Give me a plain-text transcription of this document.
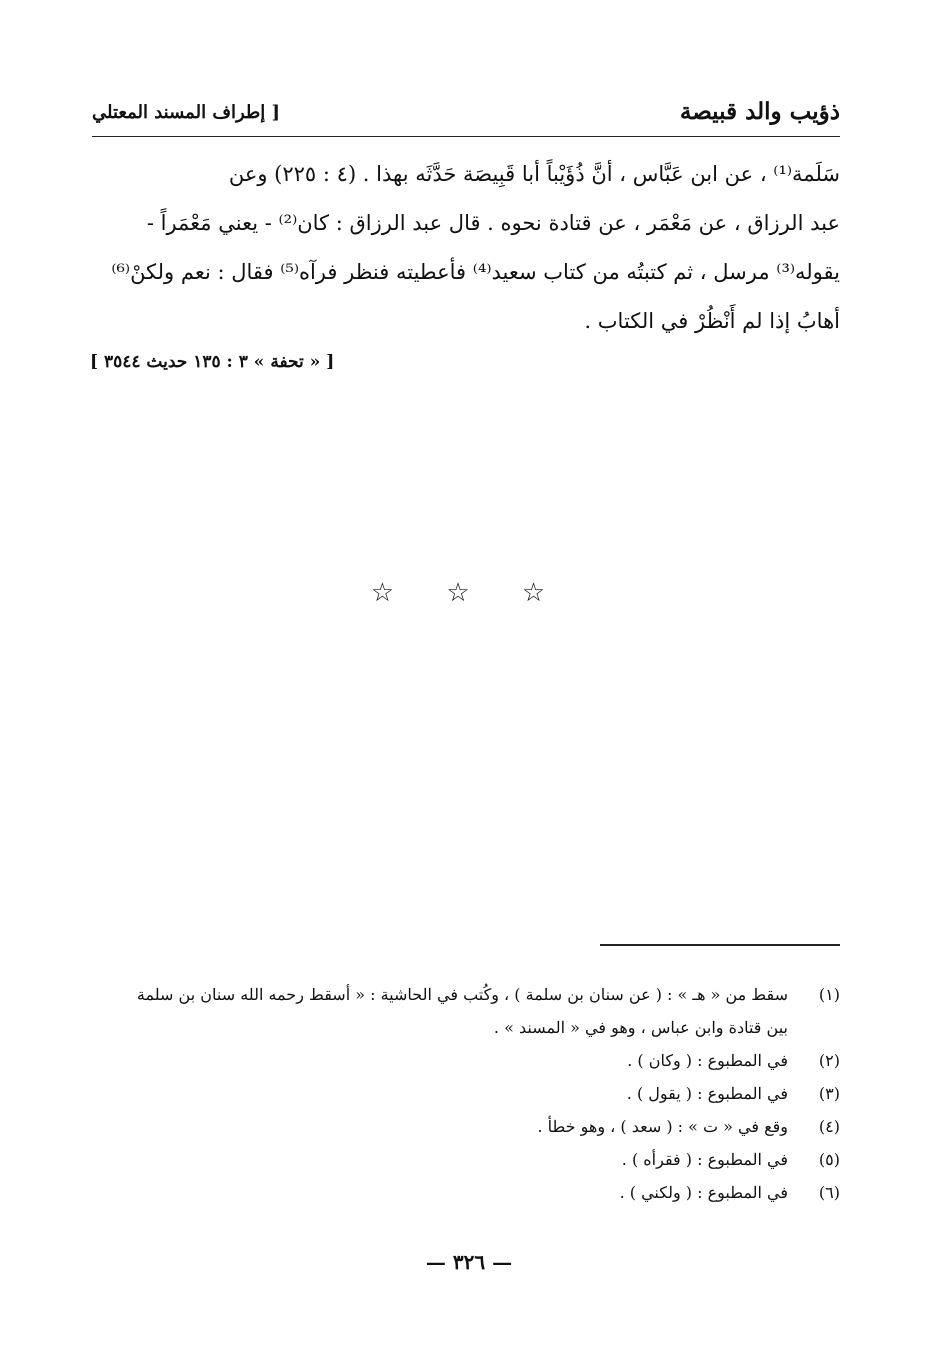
ذؤيب والد قبيصة
[ إطراف المسند المعتلي
سَلَمة⁽¹⁾ ، عن ابن عَبَّاس ، أنَّ ذُؤَيْباً أبا قَبِيصَة حَدَّثَه بهذا . (٤ : ٢٢٥) وعن
عبد الرزاق ، عن مَعْمَر ، عن قتادة نحوه . قال عبد الرزاق : كان⁽²⁾ - يعني مَعْمَراً -
يقوله⁽³⁾ مرسل ، ثم كتبتُه من كتاب سعيد⁽⁴⁾ فأعطيته فنظر فرآه⁽⁵⁾ فقال : نعم ولكنْ⁽⁶⁾
أهابُ إذا لم أَنْظُرْ في الكتاب .
[ « تحفة » ٣ : ١٣٥ حديث ٣٥٤٤ ]
☆ ☆ ☆
(١)
سقط من « هـ » : ( عن سنان بن سلمة ) ، وكُتب في الحاشية : « أسقط رحمه الله سنان بن سلمة
بين قتادة وابن عباس ، وهو في « المسند » .
(٢)
في المطبوع : ( وكان ) .
(٣)
في المطبوع : ( يقول ) .
(٤)
وقع في « ت » : ( سعد ) ، وهو خطأ .
(٥)
في المطبوع : ( فقرأه ) .
(٦)
في المطبوع : ( ولكني ) .
— ٣٢٦ —
